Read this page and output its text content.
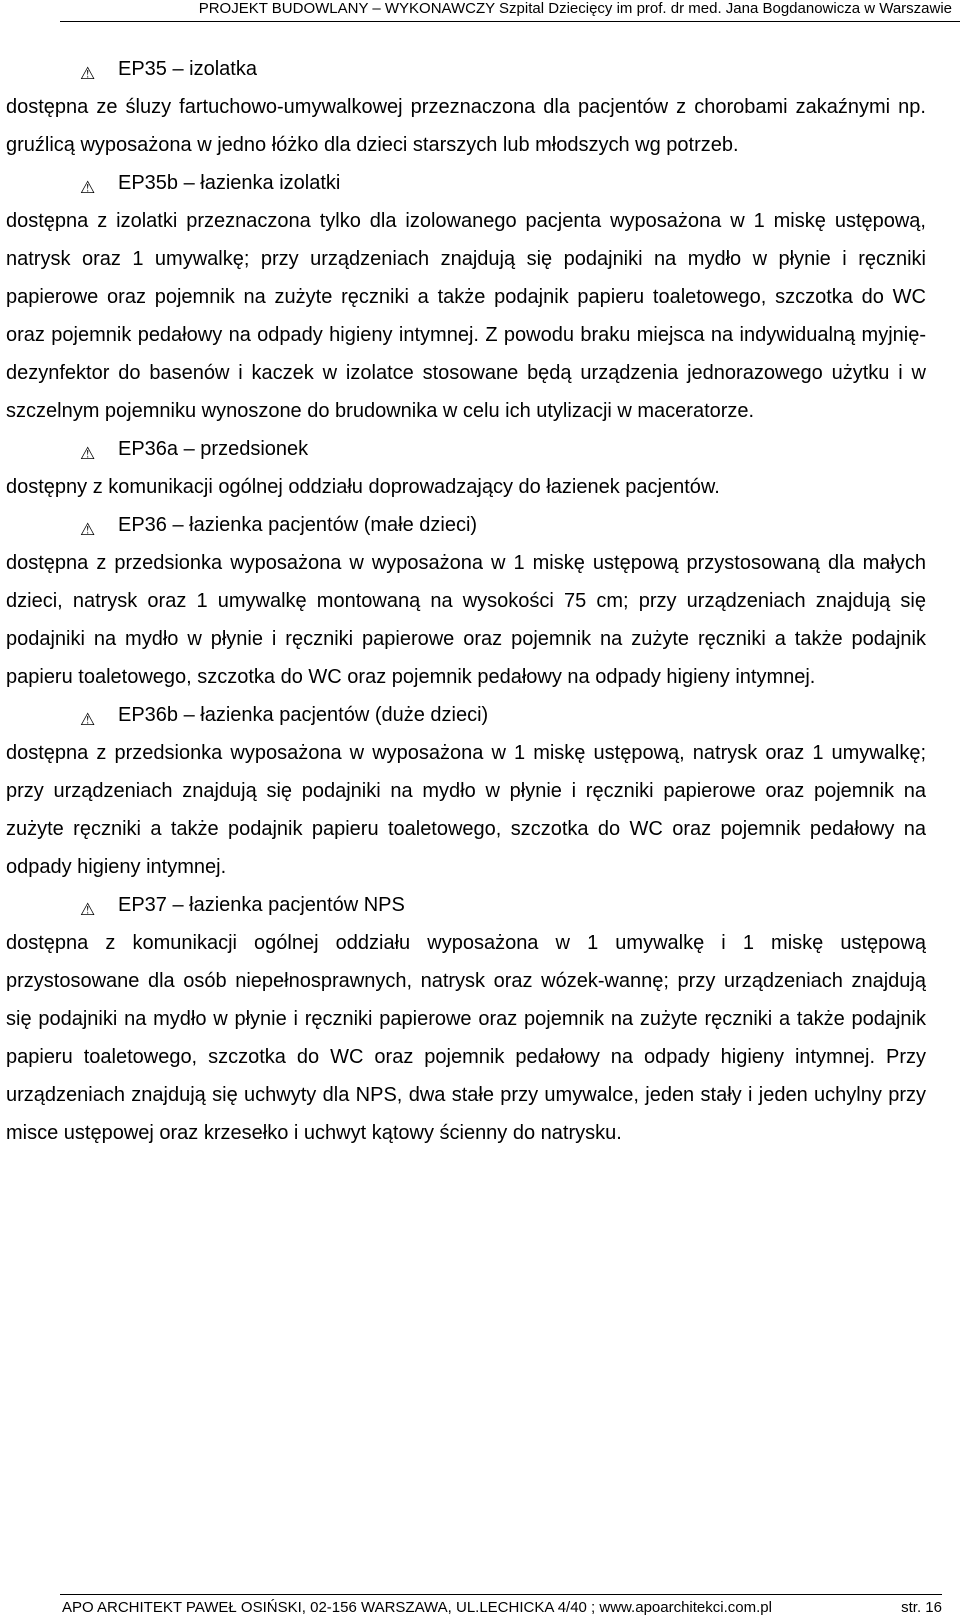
PROJEKT BUDOWLANY – WYKONAWCZY Szpital Dziecięcy im prof. dr med. Jana Bogdanowicza w Warszawie
⚠ EP35 – izolatka

dostępna ze śluzy fartuchowo-umywalkowej przeznaczona dla pacjentów z chorobami zakaźnymi np. gruźlicą wyposażona w jedno łóżko dla dzieci starszych lub młodszych wg potrzeb.

⚠ EP35b – łazienka izolatki

dostępna z izolatki przeznaczona tylko dla izolowanego pacjenta wyposażona w 1 miskę ustępową, natrysk oraz 1 umywalkę; przy urządzeniach znajdują się podajniki na mydło w płynie i ręczniki papierowe oraz pojemnik na zużyte ręczniki a także podajnik papieru toaletowego, szczotka do WC oraz pojemnik pedałowy na odpady higieny intymnej. Z powodu braku miejsca na indywidualną myjnię-dezynfektor do basenów i kaczek w izolatce stosowane będą urządzenia jednorazowego użytku i w szczelnym pojemniku wynoszone do brudownika w celu ich utylizacji w maceratorze.

⚠ EP36a – przedsionek

dostępny z komunikacji ogólnej oddziału doprowadzający do łazienek pacjentów.

⚠ EP36 – łazienka pacjentów (małe dzieci)

dostępna z przedsionka wyposażona w wyposażona w 1 miskę ustępową przystosowaną dla małych dzieci, natrysk oraz 1 umywalkę montowaną na wysokości 75 cm; przy urządzeniach znajdują się podajniki na mydło w płynie i ręczniki papierowe oraz pojemnik na zużyte ręczniki a także podajnik papieru toaletowego, szczotka do WC oraz pojemnik pedałowy na odpady higieny intymnej.

⚠ EP36b – łazienka pacjentów (duże dzieci)

dostępna z przedsionka wyposażona w wyposażona w 1 miskę ustępową, natrysk oraz 1 umywalkę; przy urządzeniach znajdują się podajniki na mydło w płynie i ręczniki papierowe oraz pojemnik na zużyte ręczniki a także podajnik papieru toaletowego, szczotka do WC oraz pojemnik pedałowy na odpady higieny intymnej.

⚠ EP37 – łazienka pacjentów NPS

dostępna z komunikacji ogólnej oddziału wyposażona w 1 umywalkę i 1 miskę ustępową przystosowane dla osób niepełnosprawnych, natrysk oraz wózek-wannę; przy urządzeniach znajdują się podajniki na mydło w płynie i ręczniki papierowe oraz pojemnik na zużyte ręczniki a także podajnik papieru toaletowego, szczotka do WC oraz pojemnik pedałowy na odpady higieny intymnej. Przy urządzeniach znajdują się uchwyty dla NPS, dwa stałe przy umywalce, jeden stały i jeden uchylny przy misce ustępowej oraz krzesełko i uchwyt kątowy ścienny do natrysku.

APO ARCHITEKT PAWEŁ OSIŃSKI, 02-156 WARSZAWA, UL.LECHICKA 4/40 ; www.apoarchitekci.com.pl	str. 16
